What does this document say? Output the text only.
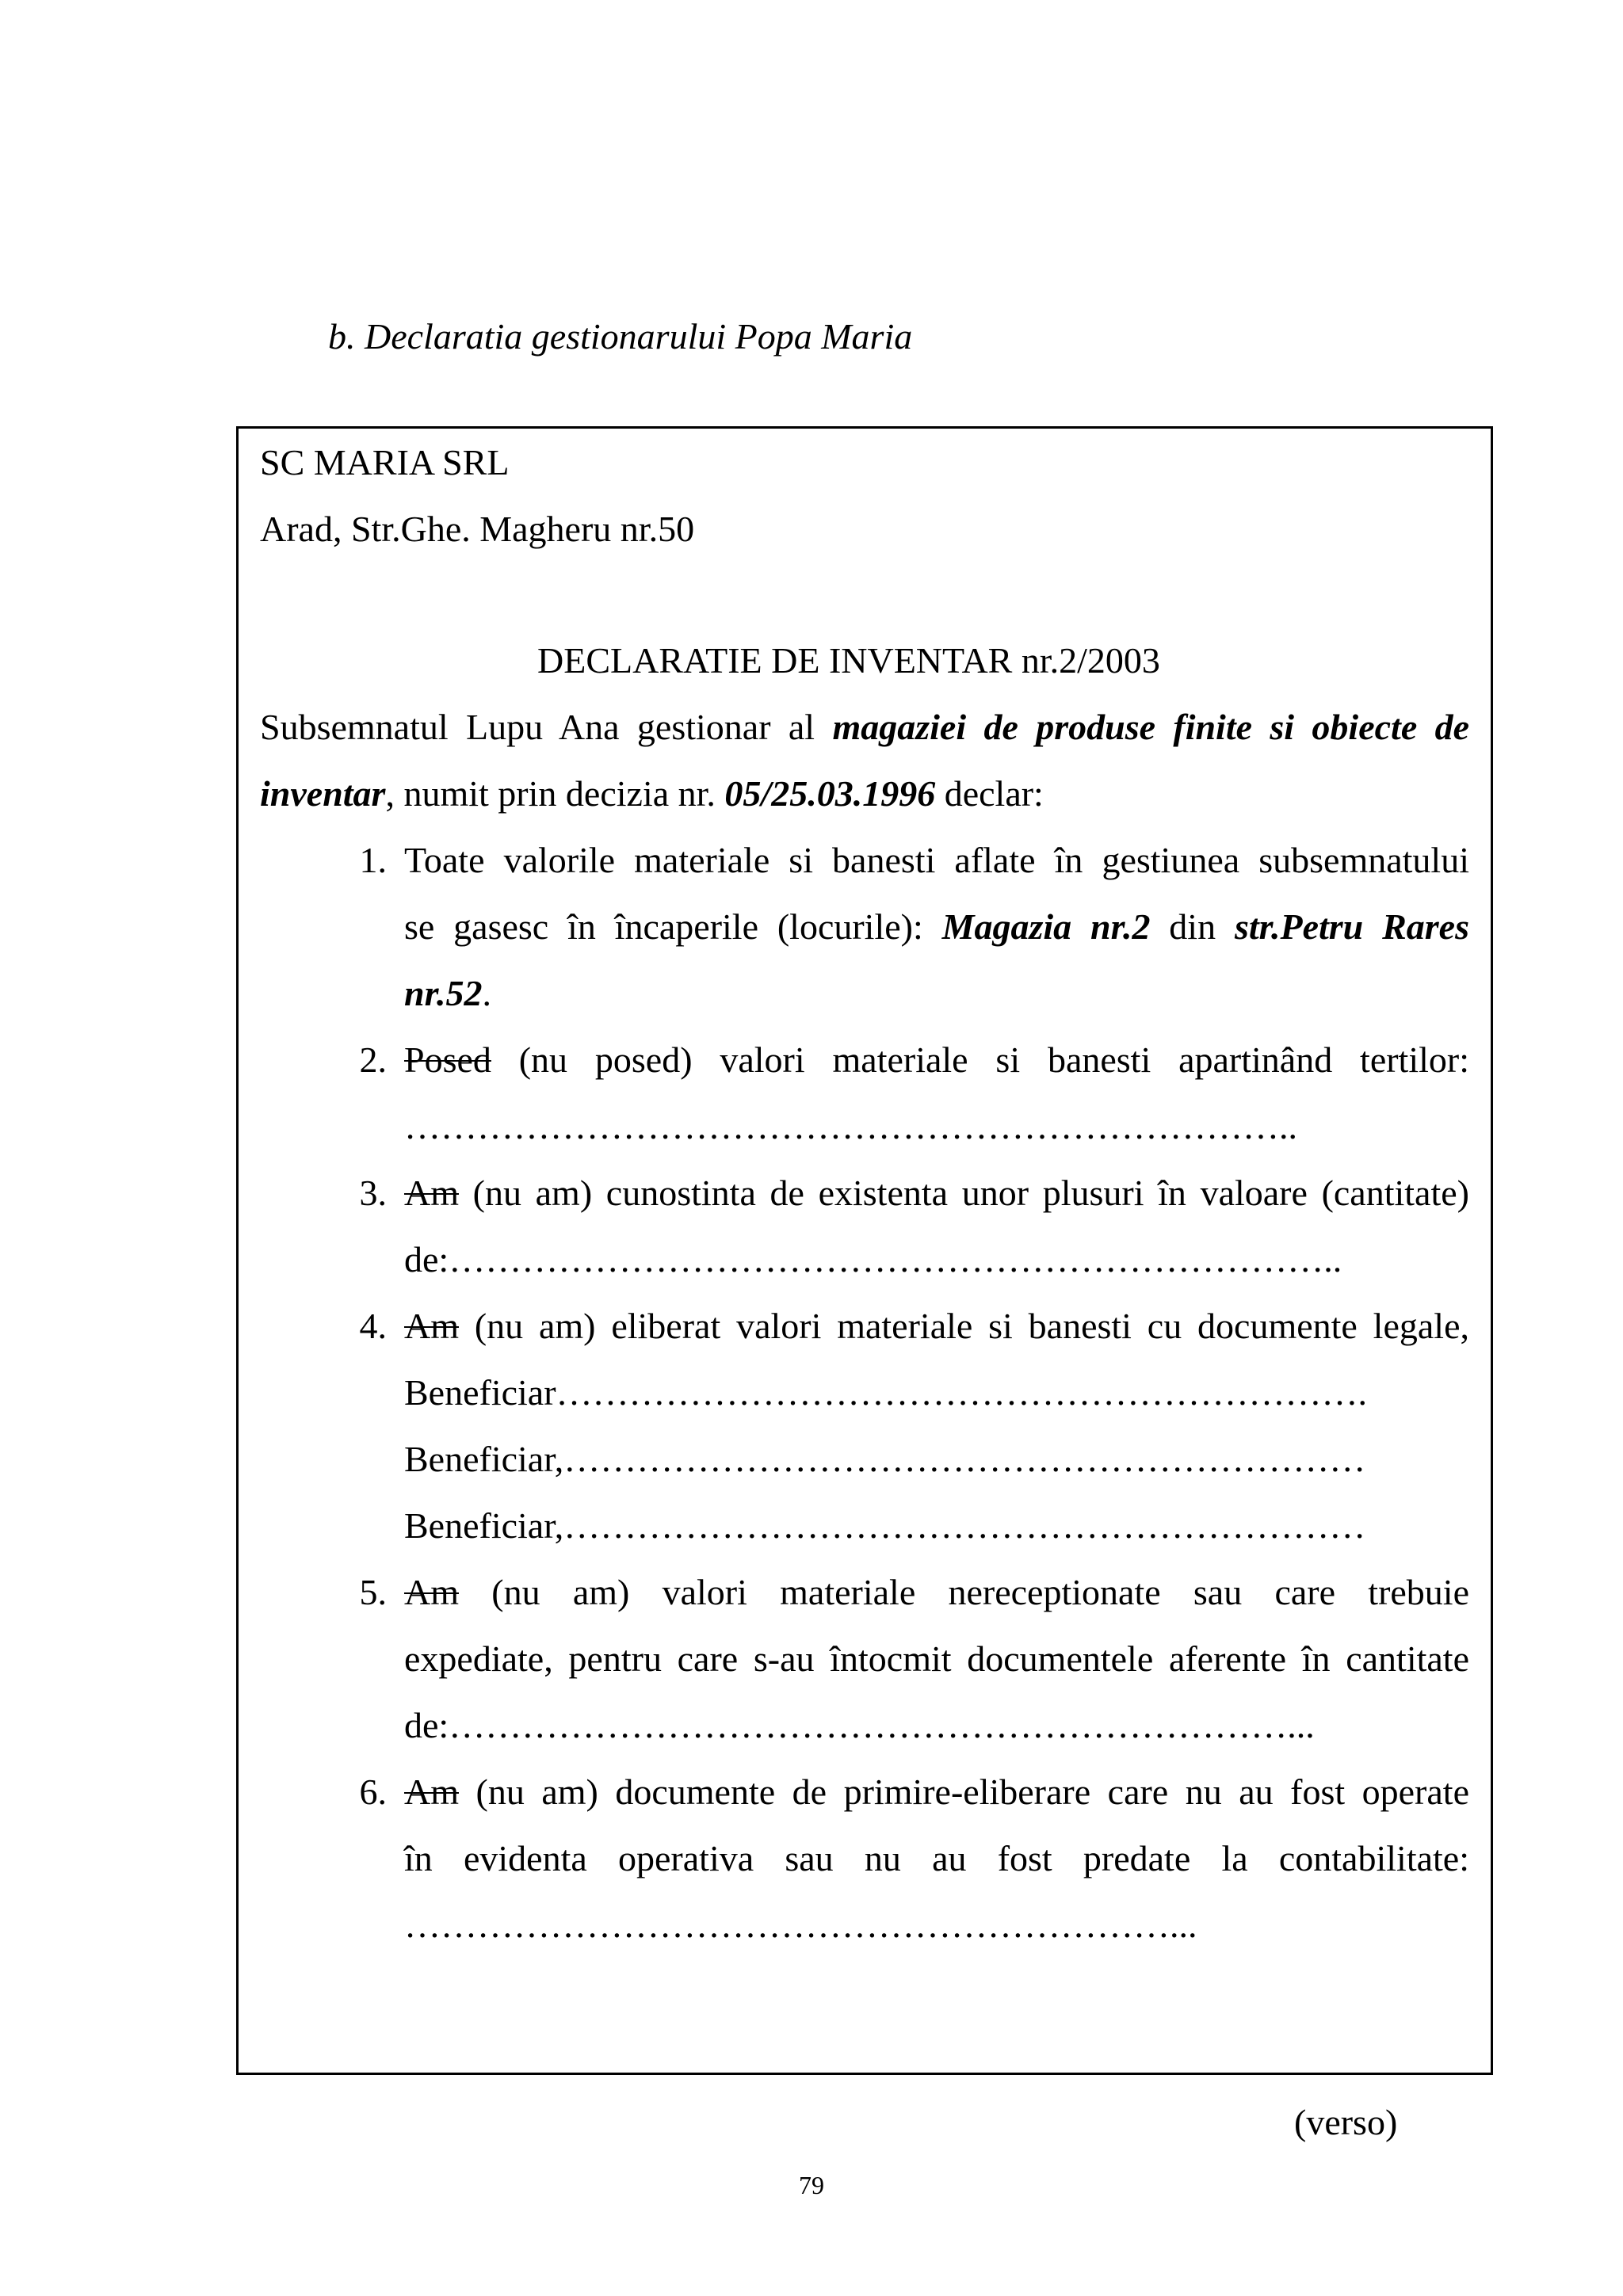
b. Declaratia gestionarului Popa Maria
SC MARIA SRL
Arad, Str.Ghe. Magheru nr.50
DECLARATIE DE INVENTAR nr.2/2003
Subsemnatul Lupu Ana gestionar al magaziei de produse finite si obiecte de
inventar, numit prin decizia nr. 05/25.03.1996 declar:
1. Toate valorile materiale si banesti aflate în gestiunea subsemnatului
se gasesc în încaperile (locurile): Magazia nr.2 din str.Petru Rares
nr.52.
2. Posed (nu posed) valori materiale si banesti apartinând tertilor:
………………………………………………………………..
3. Am (nu am) cunostinta de existenta unor plusuri în valoare (cantitate)
de:………………………………………………………………..
4. Am (nu am) eliberat valori materiale si banesti cu documente legale,
Beneficiar………………………………………………………….
Beneficiar,…………………………………………………………
Beneficiar,…………………………………………………………
5. Am (nu am) valori materiale nereceptionate sau care trebuie
expediate, pentru care s-au întocmit documentele aferente în cantitate
de:……………………………………………………………...
6. Am (nu am) documente de primire-eliberare care nu au fost operate
în evidenta operativa sau nu au fost predate la contabilitate:
………………………………………………………...
(verso)
79
